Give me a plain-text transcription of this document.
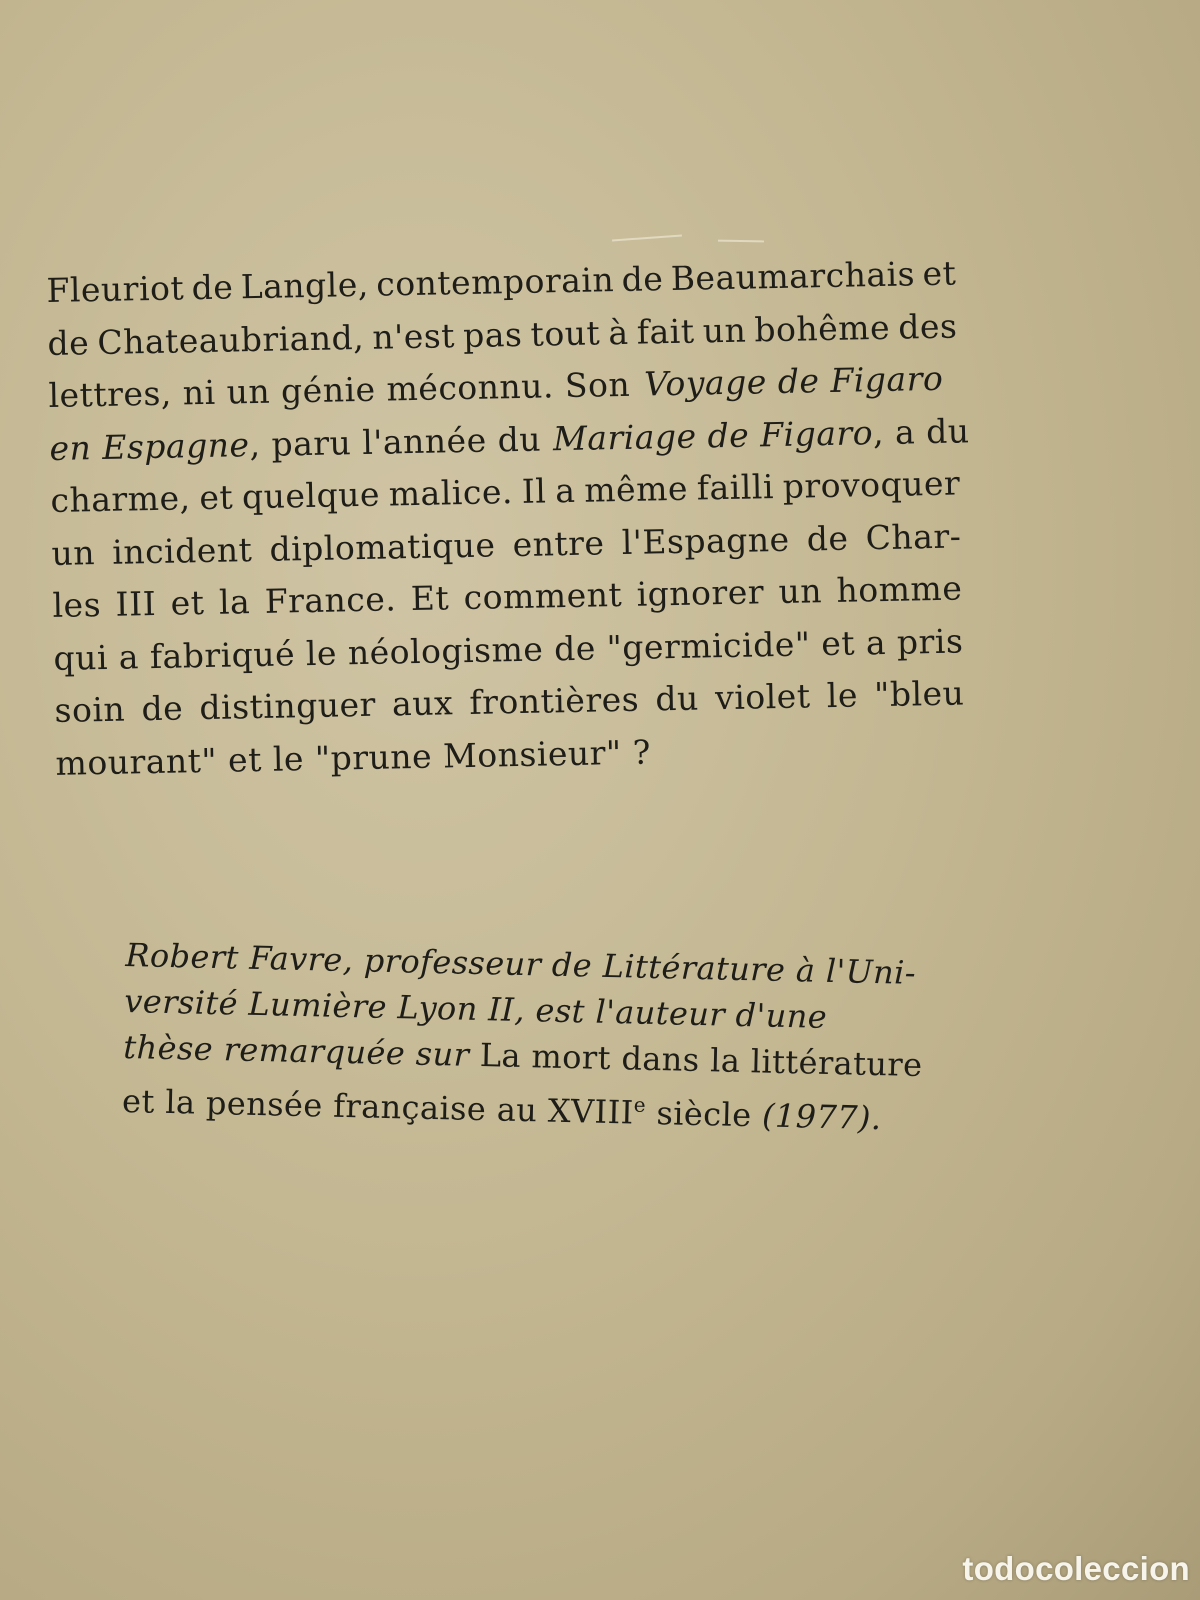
Fleuriot de Langle, contemporain de Beaumarchais et
de Chateaubriand, n'est pas tout à fait un bohême des
lettres, ni un génie méconnu. Son Voyage de Figaro
en Espagne , paru l'année du Mariage de Figaro , a du
charme, et quelque malice. Il a même failli provoquer
un incident diplomatique entre l'Espagne de Char-
les III et la France. Et comment ignorer un homme
qui a fabriqué le néologisme de "germicide" et a pris
soin de distinguer aux frontières du violet le "bleu
mourant" et le "prune Monsieur" ?
Robert Favre, professeur de Littérature à l'Uni-
versité Lumière Lyon II, est l'auteur d'une
thèse remarquée sur La mort dans la littérature
et la pensée française au XVIIIe siècle (1977).
todocoleccion
